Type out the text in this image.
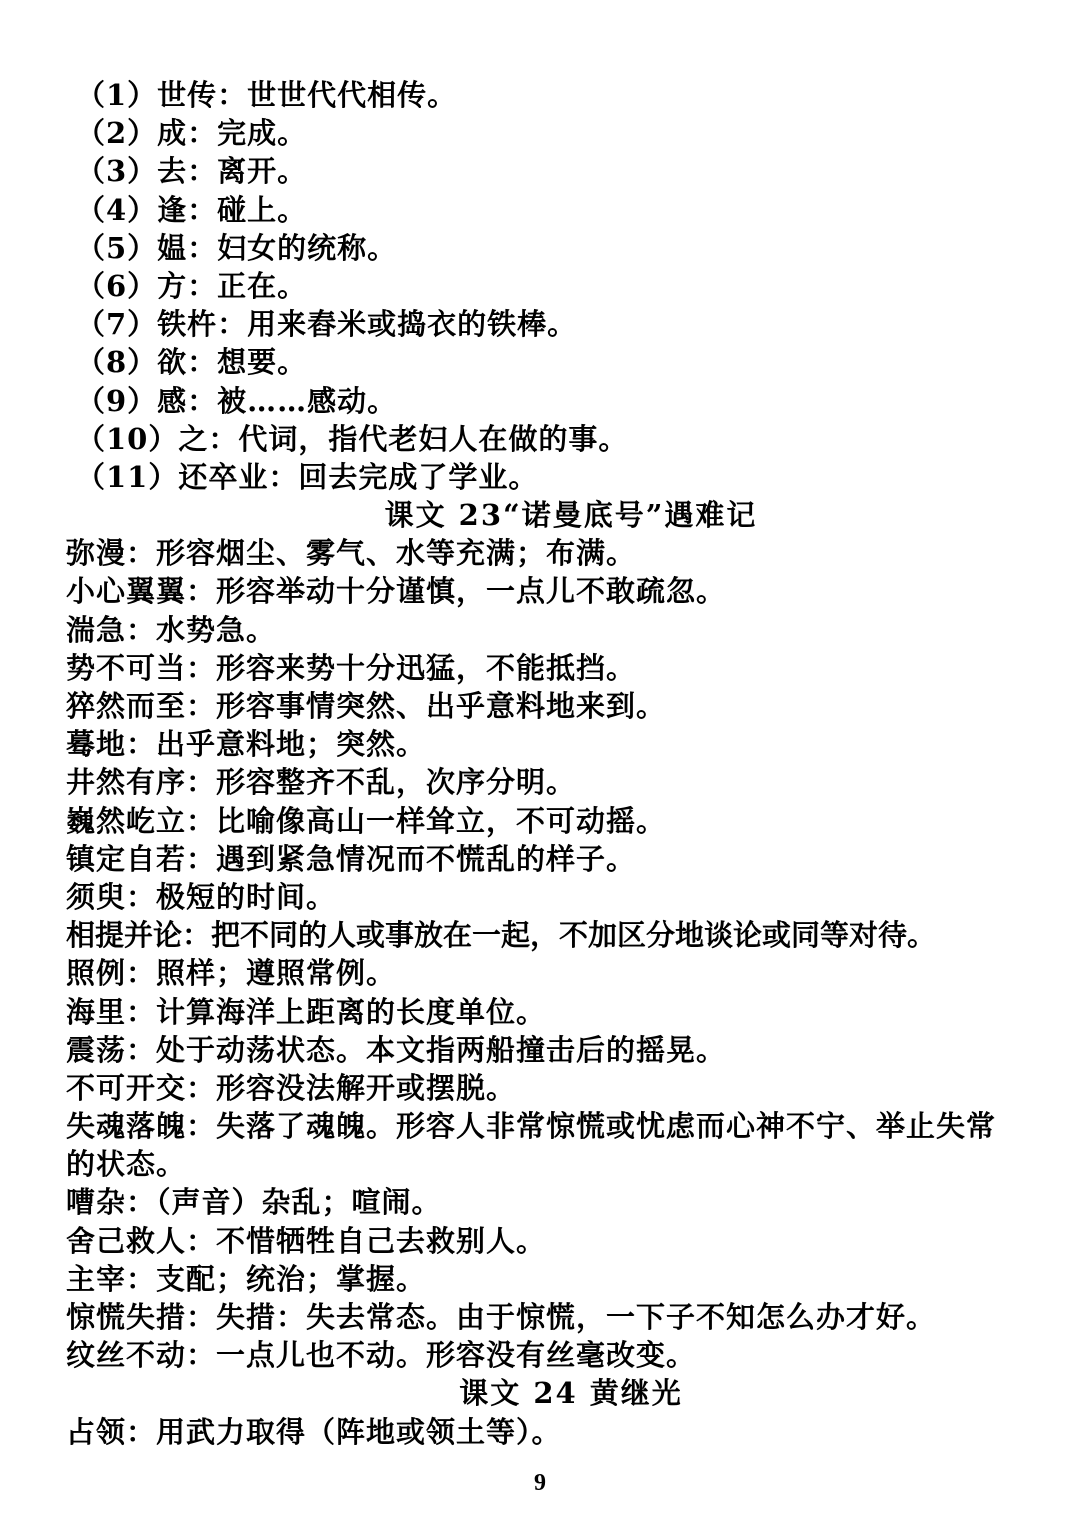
（1）世传：世世代代相传。
（2）成：完成。
（3）去：离开。
（4）逢：碰上。
（5）媪：妇女的统称。
（6）方：正在。
（7）铁杵：用来舂米或捣衣的铁棒。
（8）欲：想要。
（9）感：被……感动。
（10）之：代词，指代老妇人在做的事。
（11）还卒业：回去完成了学业。
课文 23“诺曼底号”遇难记
弥漫：形容烟尘、雾气、水等充满；布满。
小心翼翼：形容举动十分谨慎，一点儿不敢疏忽。
湍急：水势急。
势不可当：形容来势十分迅猛，不能抵挡。
猝然而至：形容事情突然、出乎意料地来到。
蓦地：出乎意料地；突然。
井然有序：形容整齐不乱，次序分明。
巍然屹立：比喻像高山一样耸立，不可动摇。
镇定自若：遇到紧急情况而不慌乱的样子。
须臾：极短的时间。
相提并论：把不同的人或事放在一起，不加区分地谈论或同等对待。
照例：照样；遵照常例。
海里：计算海洋上距离的长度单位。
震荡：处于动荡状态。本文指两船撞击后的摇晃。
不可开交：形容没法解开或摆脱。
失魂落魄：失落了魂魄。形容人非常惊慌或忧虑而心神不宁、举止失常的状态。
嘈杂：（声音）杂乱；喧闹。
舍己救人：不惜牺牲自己去救别人。
主宰：支配；统治；掌握。
惊慌失措：失措：失去常态。由于惊慌，一下子不知怎么办才好。
纹丝不动：一点儿也不动。形容没有丝毫改变。
课文 24 黄继光
占领：用武力取得（阵地或领土等）。
9
